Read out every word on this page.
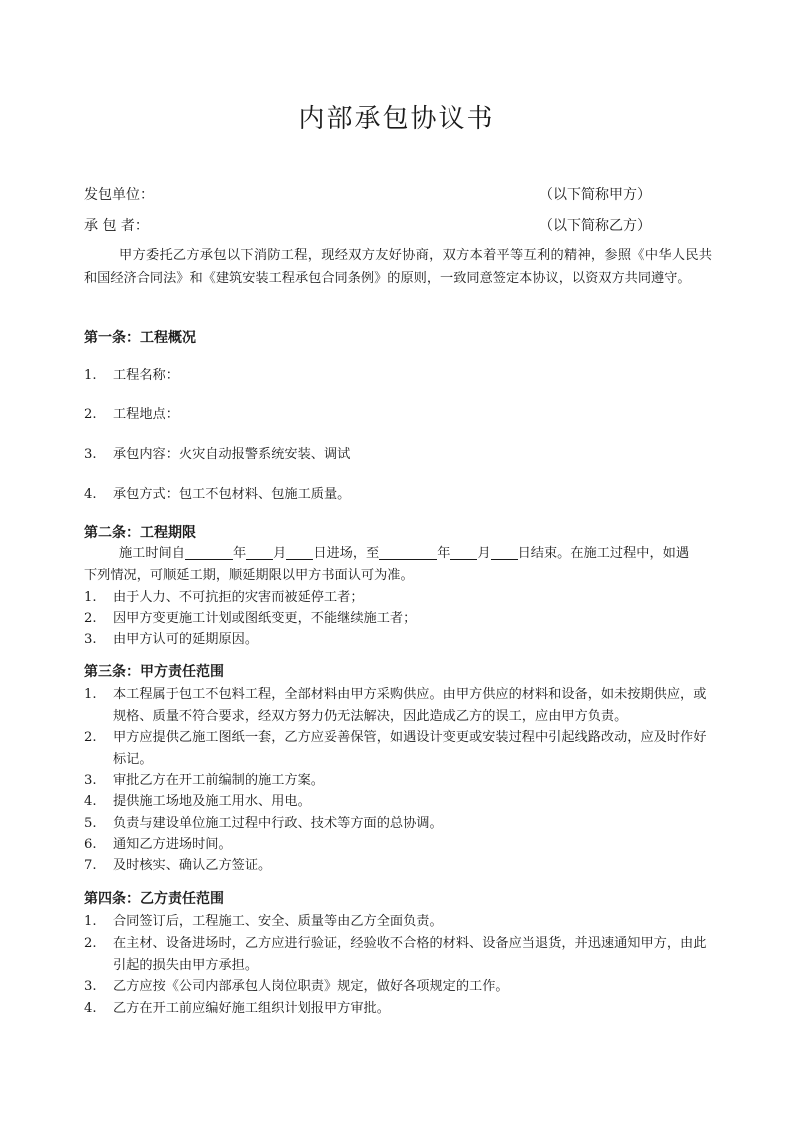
内部承包协议书
发包单位：	（以下简称甲方）
承 包 者：	（以下简称乙方）

甲方委托乙方承包以下消防工程，现经双方友好协商，双方本着平等互利的精神，参照《中华人民共和国经济合同法》和《建筑安装工程承包合同条例》的原则，一致同意签定本协议，以资双方共同遵守。

第一条：工程概况
1. 工程名称：
2. 工程地点：
3. 承包内容：火灾自动报警系统安装、调试
4. 承包方式：包工不包材料、包施工质量。
第二条：工程期限
施工时间自	年 月 日进场，至	年 月 日结束。在施工过程中，如遇
下列情况，可顺延工期，顺延期限以甲方书面认可为准。
1.	由于人力、不可抗拒的灾害而被延停工者；
2.	因甲方变更施工计划或图纸变更，不能继续施工者；
3.	由甲方认可的延期原因。
第三条：甲方责任范围
1.	本工程属于包工不包料工程，全部材料由甲方采购供应。由甲方供应的材料和设备，如未按期供应，或规格、质量不符合要求，经双方努力仍无法解决，因此造成乙方的误工，应由甲方负责。
2.	甲方应提供乙施工图纸一套，乙方应妥善保管，如遇设计变更或安装过程中引起线路改动，应及时作好标记。
3.	审批乙方在开工前编制的施工方案。
4.	提供施工场地及施工用水、用电。
5.	负责与建设单位施工过程中行政、技术等方面的总协调。
6.	通知乙方进场时间。
7.	及时核实、确认乙方签证。
第四条：乙方责任范围
1.	合同签订后，工程施工、安全、质量等由乙方全面负责。
2.	在主材、设备进场时，乙方应进行验证，经验收不合格的材料、设备应当退货，并迅速通知甲方，由此引起的损失由甲方承担。
3.	乙方应按《公司内部承包人岗位职责》规定，做好各项规定的工作。
4.	乙方在开工前应编好施工组织计划报甲方审批。
